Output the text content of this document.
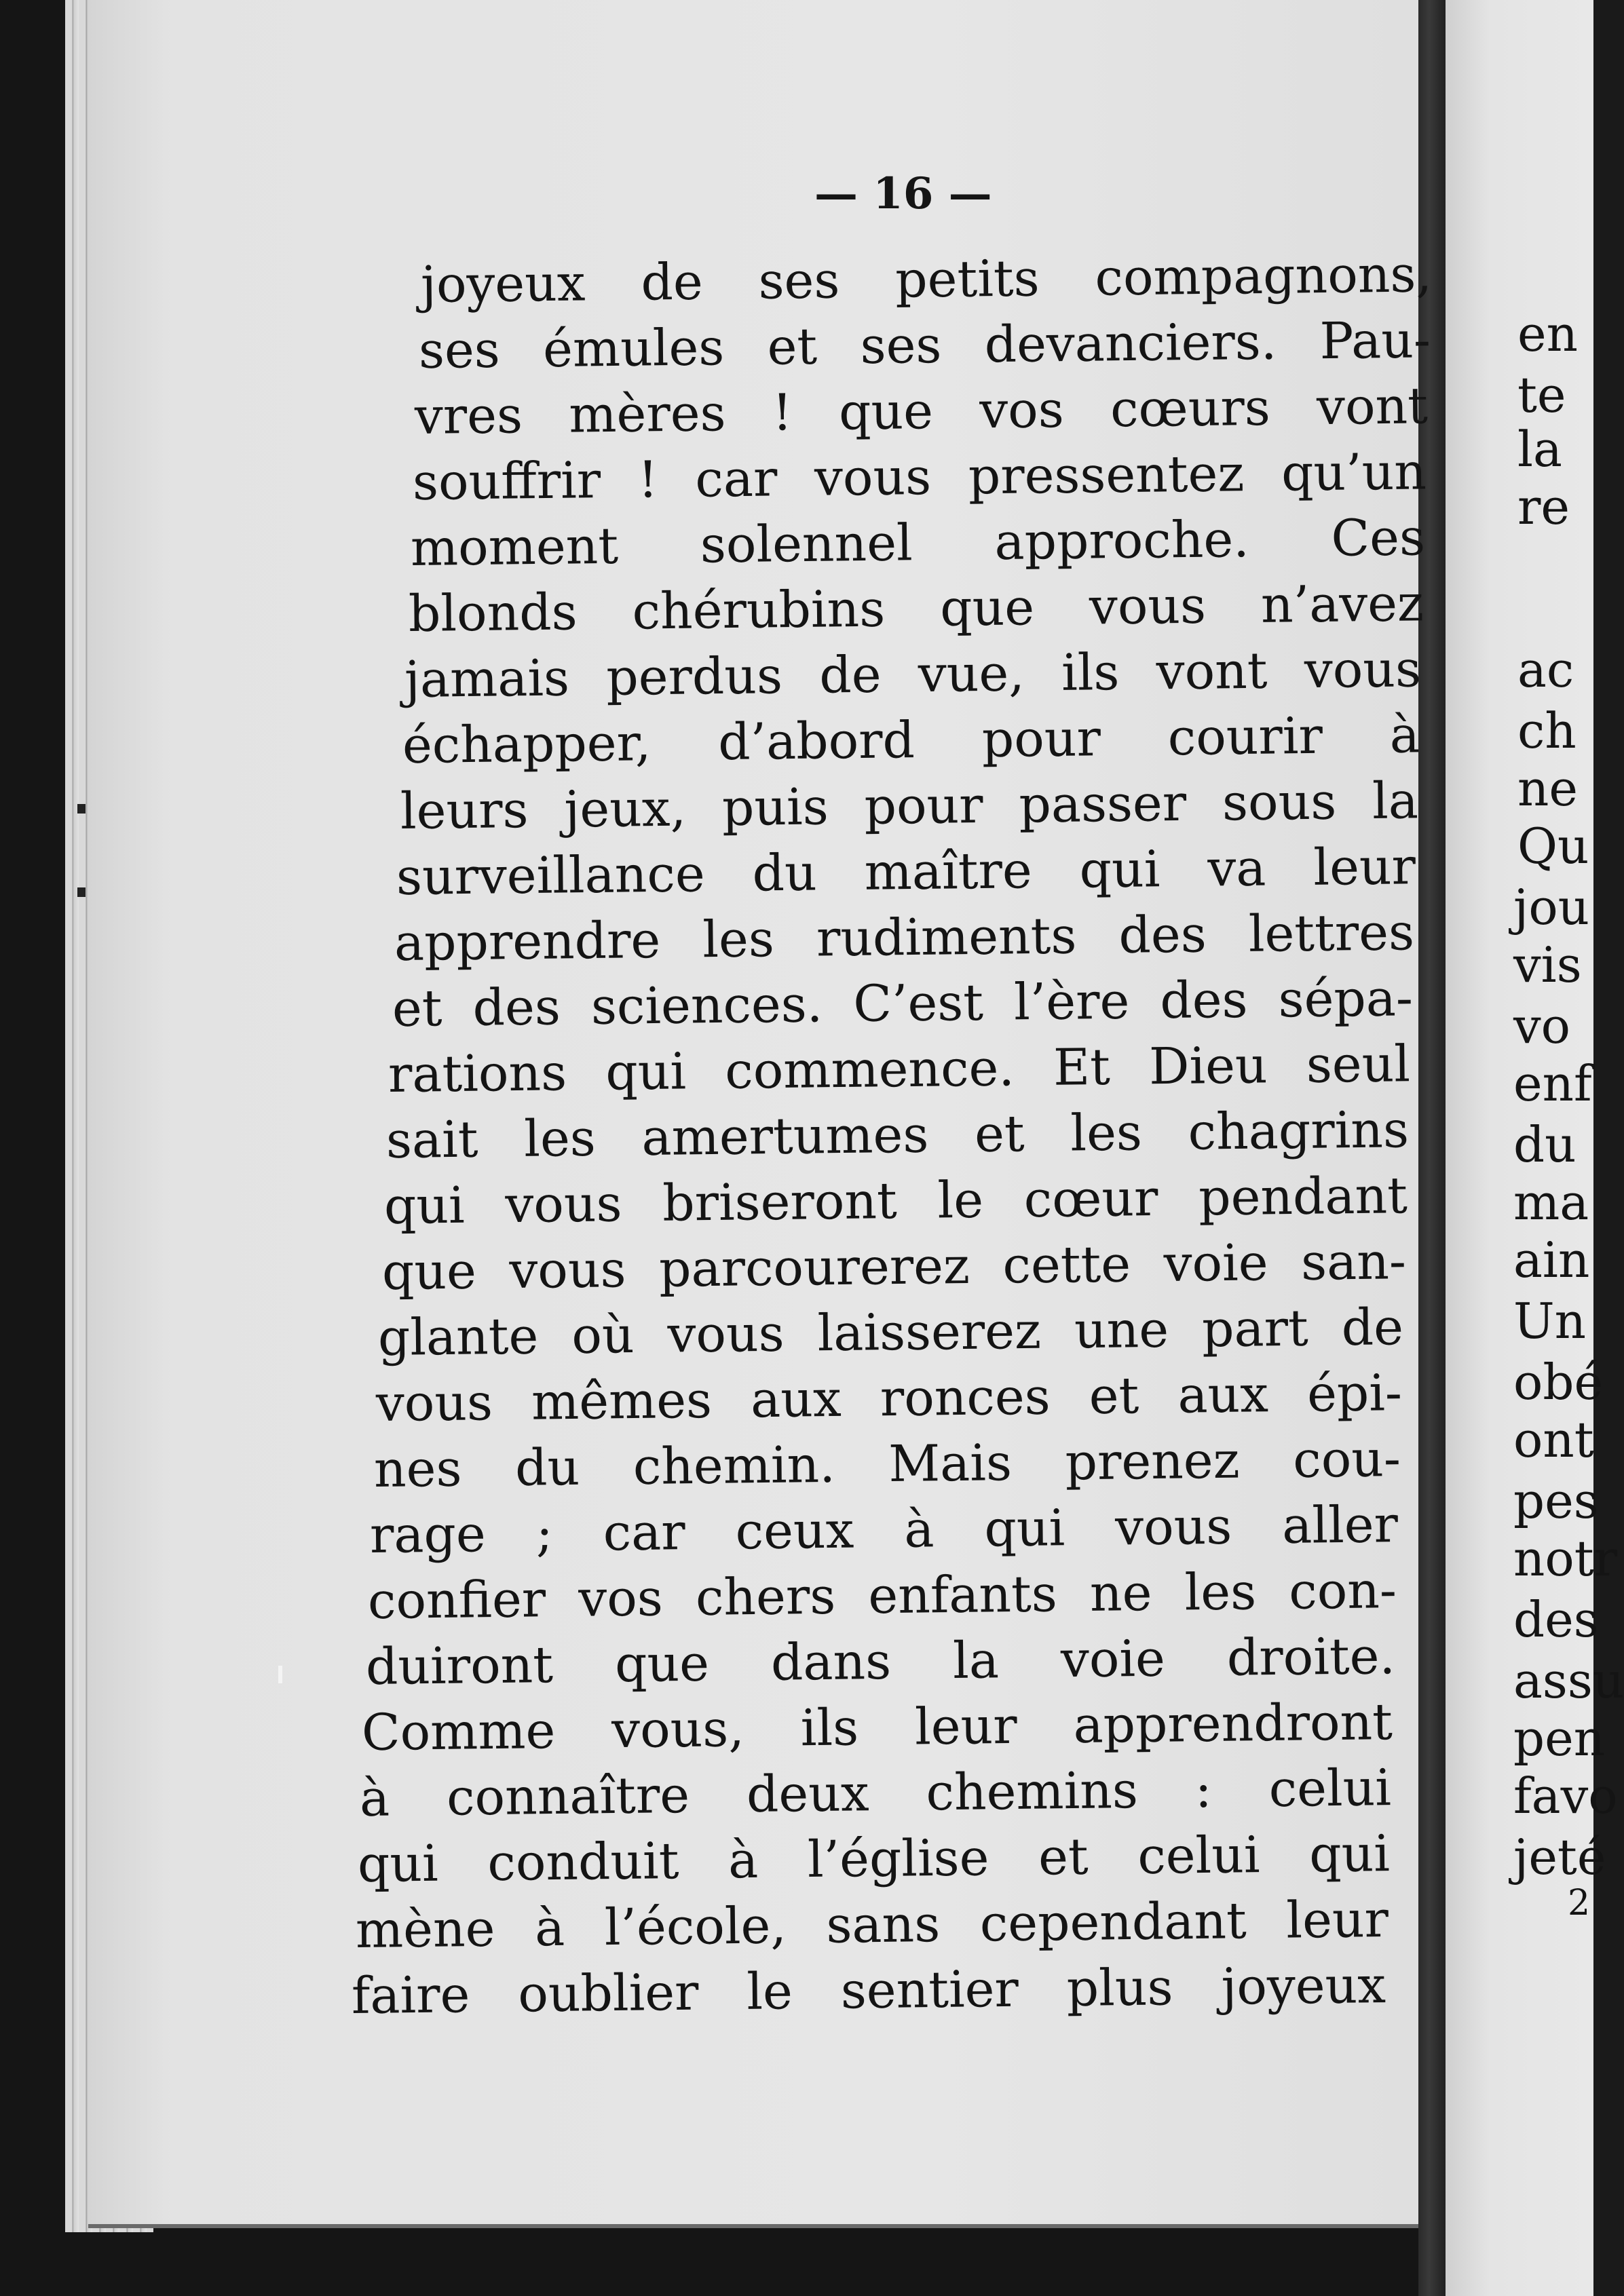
— 16 —
joyeux de ses petits compagnons,
ses émules et ses devanciers. Pau-
vres mères ! que vos cœurs vont
souffrir ! car vous pressentez qu’un
moment solennel approche. Ces
blonds chérubins que vous n’avez
jamais perdus de vue, ils vont vous
échapper, d’abord pour courir à
leurs jeux, puis pour passer sous la
surveillance du maître qui va leur
apprendre les rudiments des lettres
et des sciences. C’est l’ère des sépa-
rations qui commence. Et Dieu seul
sait les amertumes et les chagrins
qui vous briseront le cœur pendant
que vous parcourerez cette voie san-
glante où vous laisserez une part de
vous mêmes aux ronces et aux épi-
nes du chemin. Mais prenez cou-
rage ; car ceux à qui vous aller
confier vos chers enfants ne les con-
duiront que dans la voie droite.
Comme vous, ils leur apprendront
à connaître deux chemins : celui
qui conduit à l’église et celui qui
mène à l’école, sans cependant leur
faire oublier le sentier plus joyeux
en
te
la
re
ac
ch
ne
Qu
jou
vis
vo
enf
du
ma
ain
Un
obé
ont
pes
notr
des
assu
pen
favo
jeté
2
